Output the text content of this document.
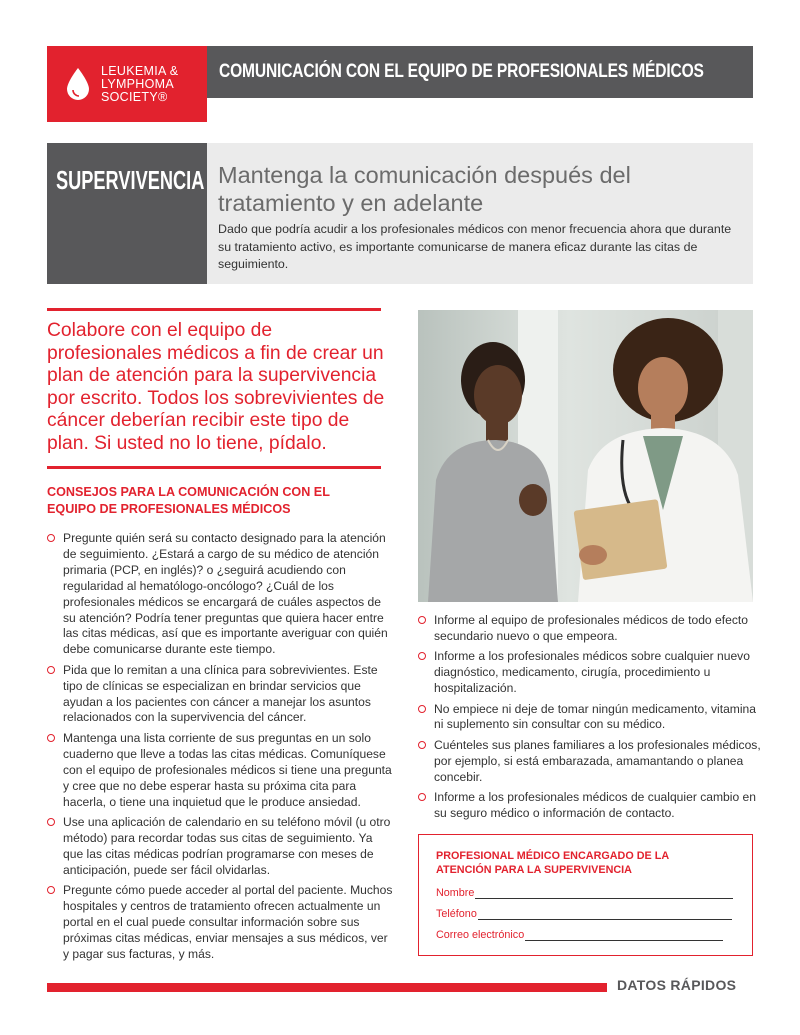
LEUKEMIA &
LYMPHOMA
SOCIETY®
COMUNICACIÓN CON EL EQUIPO DE PROFESIONALES MÉDICOS
SUPERVIVENCIA Mantenga la comunicación después del
tratamiento y en adelante

Dado que podría acudir a los profesionales médicos con menor frecuencia ahora que durante su tratamiento activo, es importante comunicarse de manera eficaz durante las citas de seguimiento.

Colabore con el equipo de profesionales médicos a fin de crear un plan de atención para la supervivencia por escrito. Todos los sobrevivientes de cáncer deberían recibir este tipo de plan. Si usted no lo tiene, pídalo.

CONSEJOS PARA LA COMUNICACIÓN CON EL EQUIPO DE PROFESIONALES MÉDICOS
Pregunte quién será su contacto designado para la atención de seguimiento. ¿Estará a cargo de su médico de atención primaria (PCP, en inglés)? o ¿seguirá acudiendo con regularidad al hematólogo-oncólogo? ¿Cuál de los profesionales médicos se encargará de cuáles aspectos de su atención? Podría tener preguntas que quiera hacer entre las citas médicas, así que es importante averiguar con quién debe comunicarse durante este tiempo.
Pida que lo remitan a una clínica para sobrevivientes. Este tipo de clínicas se especializan en brindar servicios que ayudan a los pacientes con cáncer a manejar los asuntos relacionados con la supervivencia del cáncer.
Mantenga una lista corriente de sus preguntas en un solo cuaderno que lleve a todas las citas médicas. Comuníquese con el equipo de profesionales médicos si tiene una pregunta y cree que no debe esperar hasta su próxima cita para hacerla, o tiene una inquietud que le produce ansiedad.
Use una aplicación de calendario en su teléfono móvil (u otro método) para recordar todas sus citas de seguimiento. Ya que las citas médicas podrían programarse con meses de anticipación, puede ser fácil olvidarlas.
Pregunte cómo puede acceder al portal del paciente. Muchos hospitales y centros de tratamiento ofrecen actualmente un portal en el cual puede consultar información sobre sus próximas citas médicas, enviar mensajes a sus médicos, ver y pagar sus facturas, y más.
Informe al equipo de profesionales médicos de todo efecto secundario nuevo o que empeora.
Informe a los profesionales médicos sobre cualquier nuevo diagnóstico, medicamento, cirugía, procedimiento u hospitalización.
No empiece ni deje de tomar ningún medicamento, vitamina ni suplemento sin consultar con su médico.
Cuénteles sus planes familiares a los profesionales médicos, por ejemplo, si está embarazada, amamantando o planea concebir.
Informe a los profesionales médicos de cualquier cambio en su seguro médico o información de contacto.
PROFESIONAL MÉDICO ENCARGADO DE LA ATENCIÓN PARA LA SUPERVIVENCIA
Nombre
Teléfono
Correo electrónico
DATOS RÁPIDOS
